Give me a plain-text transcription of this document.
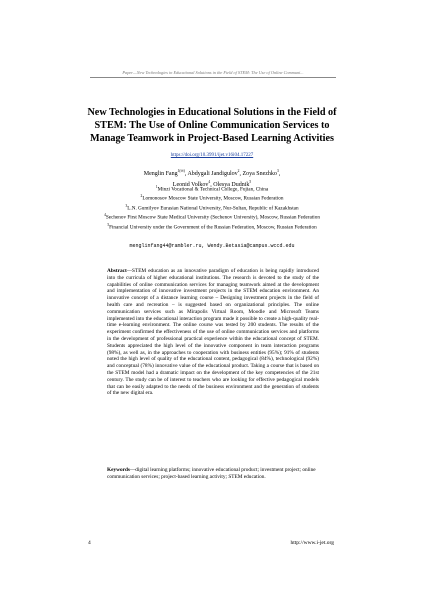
Paper—New Technologies in Educational Solutions in the Field of STEM: The Use of Online Communi...
New Technologies in Educational Solutions in the Field of STEM: The Use of Online Communication Services to Manage Teamwork in Project-Based Learning Activities
https://doi.org/10.3991/ijet.v16i04.17227
Menglin Fang$^{1(✉)}$, Abdygali Jandigulov$^2$, Zoya Snezhko$^3$,
Leonid Volkov$^4$, Olesya Dudnik$^5$
$^1$Minzi Vocational & Technical College, Fujian, China
$^2$Lomonosov Moscow State University, Moscow, Russian Federation
$^3$L.N. Gumilyov Eurasian National University, Nur-Sultan, Republic of Kazakhstan
$^4$Sechenov First Moscow State Medical University (Sechenov University), Moscow, Russian Federation
$^5$Financial University under the Government of the Russian Federation, Moscow, Russian Federation
menglinfang44@rambler.ru, Wendy.Betasia@campus.wccd.edu
Abstract—STEM education as an innovative paradigm of education is being rapidly introduced into the curricula of higher educational institutions. The research is devoted to the study of the capabilities of online communication services for managing teamwork aimed at the development and implementation of innovative investment projects in the STEM education environment. An innovative concept of a distance learning course – Designing investment projects in the field of health care and recreation – is suggested based on organizational principles. The online communication services such as Mirapolis Virtual Room, Moodle and Microsoft Teams implemented into the educational interaction program made it possible to create a high-quality real-time e-learning environment. The online course was tested by 200 students. The results of the experiment confirmed the effectiveness of the use of online communication services and platforms in the development of professional practical experience within the educational concept of STEM. Students appreciated the high level of the innovative component in team interaction programs (98%), as well as, in the approaches to cooperation with business entities (95%); 91% of students noted the high level of quality of the educational content, pedagogical (84%), technological (92%) and conceptual (78%) innovative value of the educational product. Taking a course that is based on the STEM model had a dramatic impact on the development of the key competencies of the 21st century. The study can be of interest to teachers who are looking for effective pedagogical models that can be easily adapted to the needs of the business environment and the generation of students of the new digital era.
Keywords—digital learning platforms; innovative educational product; investment project; online communication services; project-based learning activity; STEM education.
4	http://www.i-jet.org
